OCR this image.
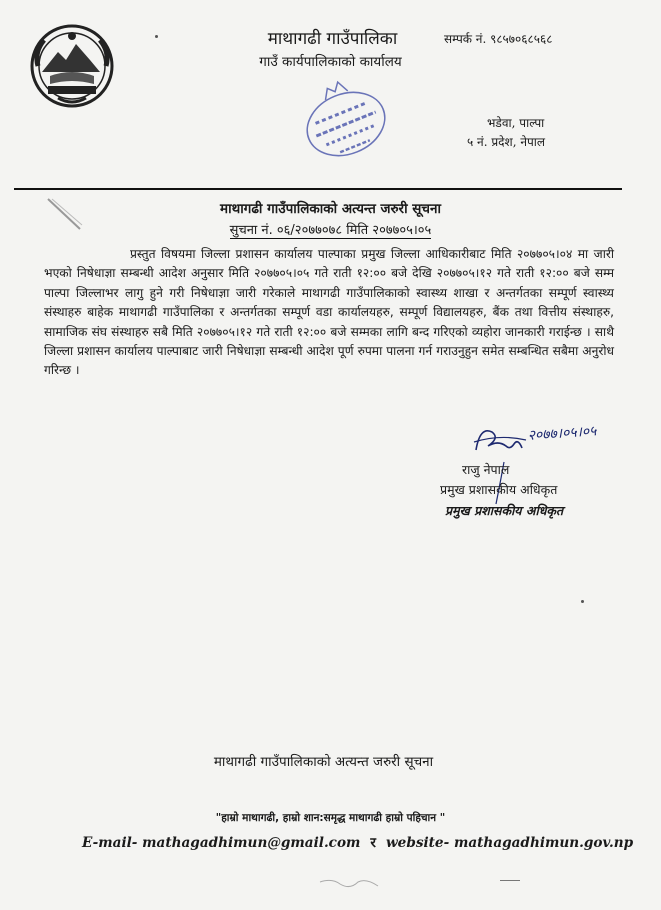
माथागढी गाउँपालिका
गाउँ कार्यपालिकाको कार्यालय
सम्पर्क नं. ९८५७०६८५६८
भडेवा, पाल्पा
५ नं. प्रदेश, नेपाल
माथागढी गाउँपालिकाको अत्यन्त जरुरी सूचना
सुचना नं. ०६/२०७७०७८ मिति २०७७०५।०५
प्रस्तुत विषयमा जिल्ला प्रशासन कार्यालय पाल्पाका प्रमुख जिल्ला आधिकारीबाट मिति २०७७०५।०४ मा जारी भएको निषेधाज्ञा सम्बन्धी आदेश अनुसार मिति २०७७०५।०५ गते राती १२:०० बजे देखि २०७७०५।१२ गते राती १२:०० बजे सम्म पाल्पा जिल्लाभर लागु हुने गरी निषेधाज्ञा जारी गरेकाले माथागढी गाउँपालिकाको स्वास्थ्य शाखा र अन्तर्गतका सम्पूर्ण स्वास्थ्य संस्थाहरु बाहेक माथागढी गाउँपालिका र अन्तर्गतका सम्पूर्ण वडा कार्यालयहरु, सम्पूर्ण विद्यालयहरु, बैंक तथा वित्तीय संस्थाहरु, सामाजिक संघ संस्थाहरु सबै मिति २०७७०५।१२ गते राती १२:०० बजे सम्मका लागि बन्द गरिएको व्यहोरा जानकारी गराईन्छ । साथै जिल्ला प्रशासन कार्यालय पाल्पाबाट जारी निषेधाज्ञा सम्बन्धी आदेश पूर्ण रुपमा पालना गर्न गराउनुहुन समेत सम्बन्धित सबैमा अनुरोध गरिन्छ ।
२०७७।०५।०५
राजु नेपाल
प्रमुख प्रशासकीय अधिकृत
प्रमुख प्रशासकीय अधिकृत
माथागढी गाउँपालिकाको अत्यन्त जरुरी सूचना
"हाम्रो माथागढी, हाम्रो शान:समृद्ध माथागढी हाम्रो पहिचान "
E-mail- mathagadhimun@gmail.com र website- mathagadhimun.gov.np
